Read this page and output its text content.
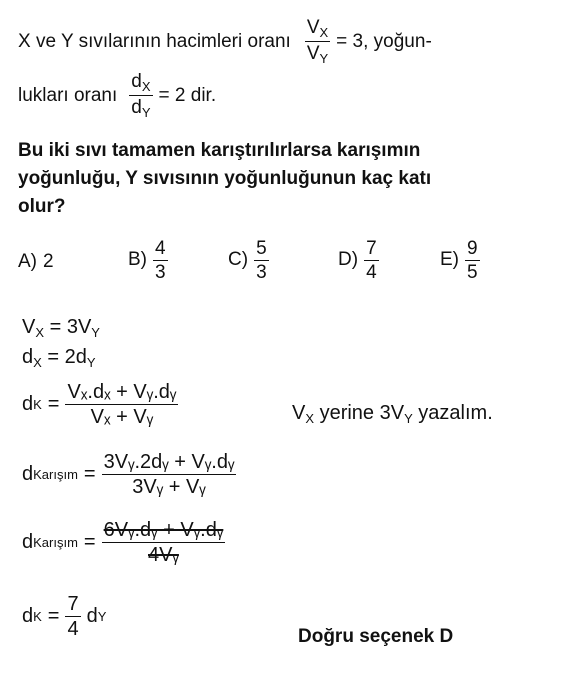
X ve Y sıvılarının hacimleri oranı $\frac{V_X}{V_Y} = 3$, yoğun-
lukları oranı $\frac{d_X}{d_Y} = 2$ dir.
Bu iki sıvı tamamen karıştırılırlarsa karışımın
yoğunluğu, Y sıvısının yoğunluğunun kaç katı
olur?
A) 2	$B) \frac{4}{3}$	$C) \frac{5}{3}$	$D) \frac{7}{4}$	$E) \frac{9}{5}$
$V_X = 3V_Y$
$d_X = 2d_Y$
d $K = \frac{\text{Vₓ.dₓ + Vᵧ.dᵧ}}{\text{Vₓ + Vᵧ}}$	$V_X$ yerine $3V_Y$ yazalım.
d Karışım = $\frac{\text{3Vᵧ.2dᵧ + Vᵧ.dᵧ}}{\text{3Vᵧ + Vᵧ}}$
d Karışım = $\frac{\text{6Vᵧ.dᵧ + Vᵧ.dᵧ}}{\text{4Vᵧ}}$
d $K = \frac{7}{4}$ d Y
Doğru seçenek D
